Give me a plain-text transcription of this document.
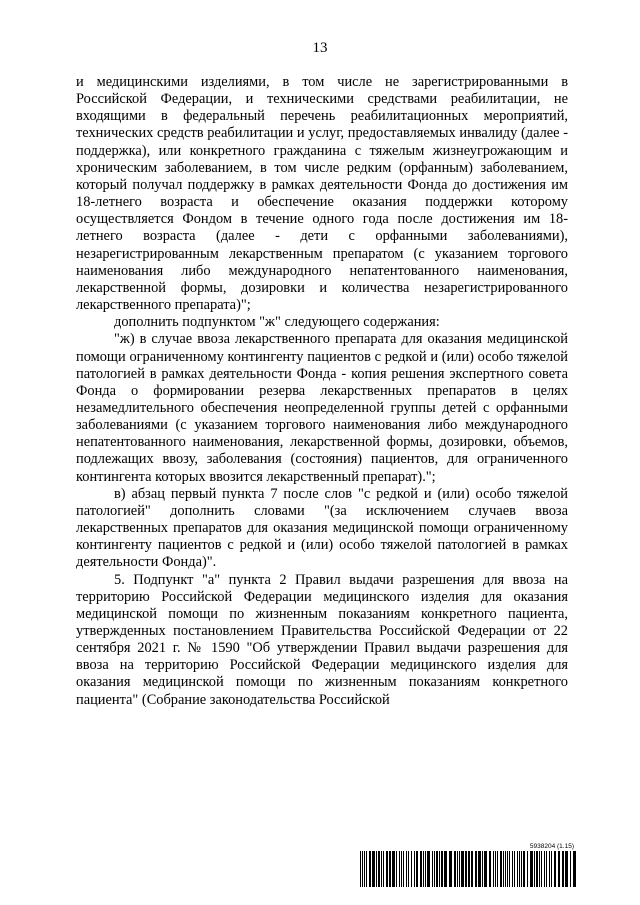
13

и медицинскими изделиями, в том числе не зарегистрированными в Российской Федерации, и техническими средствами реабилитации, не входящими в федеральный перечень реабилитационных мероприятий, технических средств реабилитации и услуг, предоставляемых инвалиду (далее - поддержка), или конкретного гражданина с тяжелым жизнеугрожающим и хроническим заболеванием, в том числе редким (орфанным) заболеванием, который получал поддержку в рамках деятельности Фонда до достижения им 18-летнего возраста и обеспечение оказания поддержки которому осуществляется Фондом в течение одного года после достижения им 18-летнего возраста (далее - дети с орфанными заболеваниями), незарегистрированным лекарственным препаратом (с указанием торгового наименования либо международного непатентованного наименования, лекарственной формы, дозировки и количества незарегистрированного лекарственного препарата)";

дополнить подпунктом "ж" следующего содержания:

"ж) в случае ввоза лекарственного препарата для оказания медицинской помощи ограниченному контингенту пациентов с редкой и (или) особо тяжелой патологией в рамках деятельности Фонда - копия решения экспертного совета Фонда о формировании резерва лекарственных препаратов в целях незамедлительного обеспечения неопределенной группы детей с орфанными заболеваниями (с указанием торгового наименования либо международного непатентованного наименования, лекарственной формы, дозировки, объемов, подлежащих ввозу, заболевания (состояния) пациентов, для ограниченного контингента которых ввозится лекарственный препарат).";

в) абзац первый пункта 7 после слов "с редкой и (или) особо тяжелой патологией" дополнить словами "(за исключением случаев ввоза лекарственных препаратов для оказания медицинской помощи ограниченному контингенту пациентов с редкой и (или) особо тяжелой патологией в рамках деятельности Фонда)".

5. Подпункт "а" пункта 2 Правил выдачи разрешения для ввоза на территорию Российской Федерации медицинского изделия для оказания медицинской помощи по жизненным показаниям конкретного пациента, утвержденных постановлением Правительства Российской Федерации от 22 сентября 2021 г. № 1590 "Об утверждении Правил выдачи разрешения для ввоза на территорию Российской Федерации медицинского изделия для оказания медицинской помощи по жизненным показаниям конкретного пациента" (Собрание законодательства Российской

5938204 (1.15)
